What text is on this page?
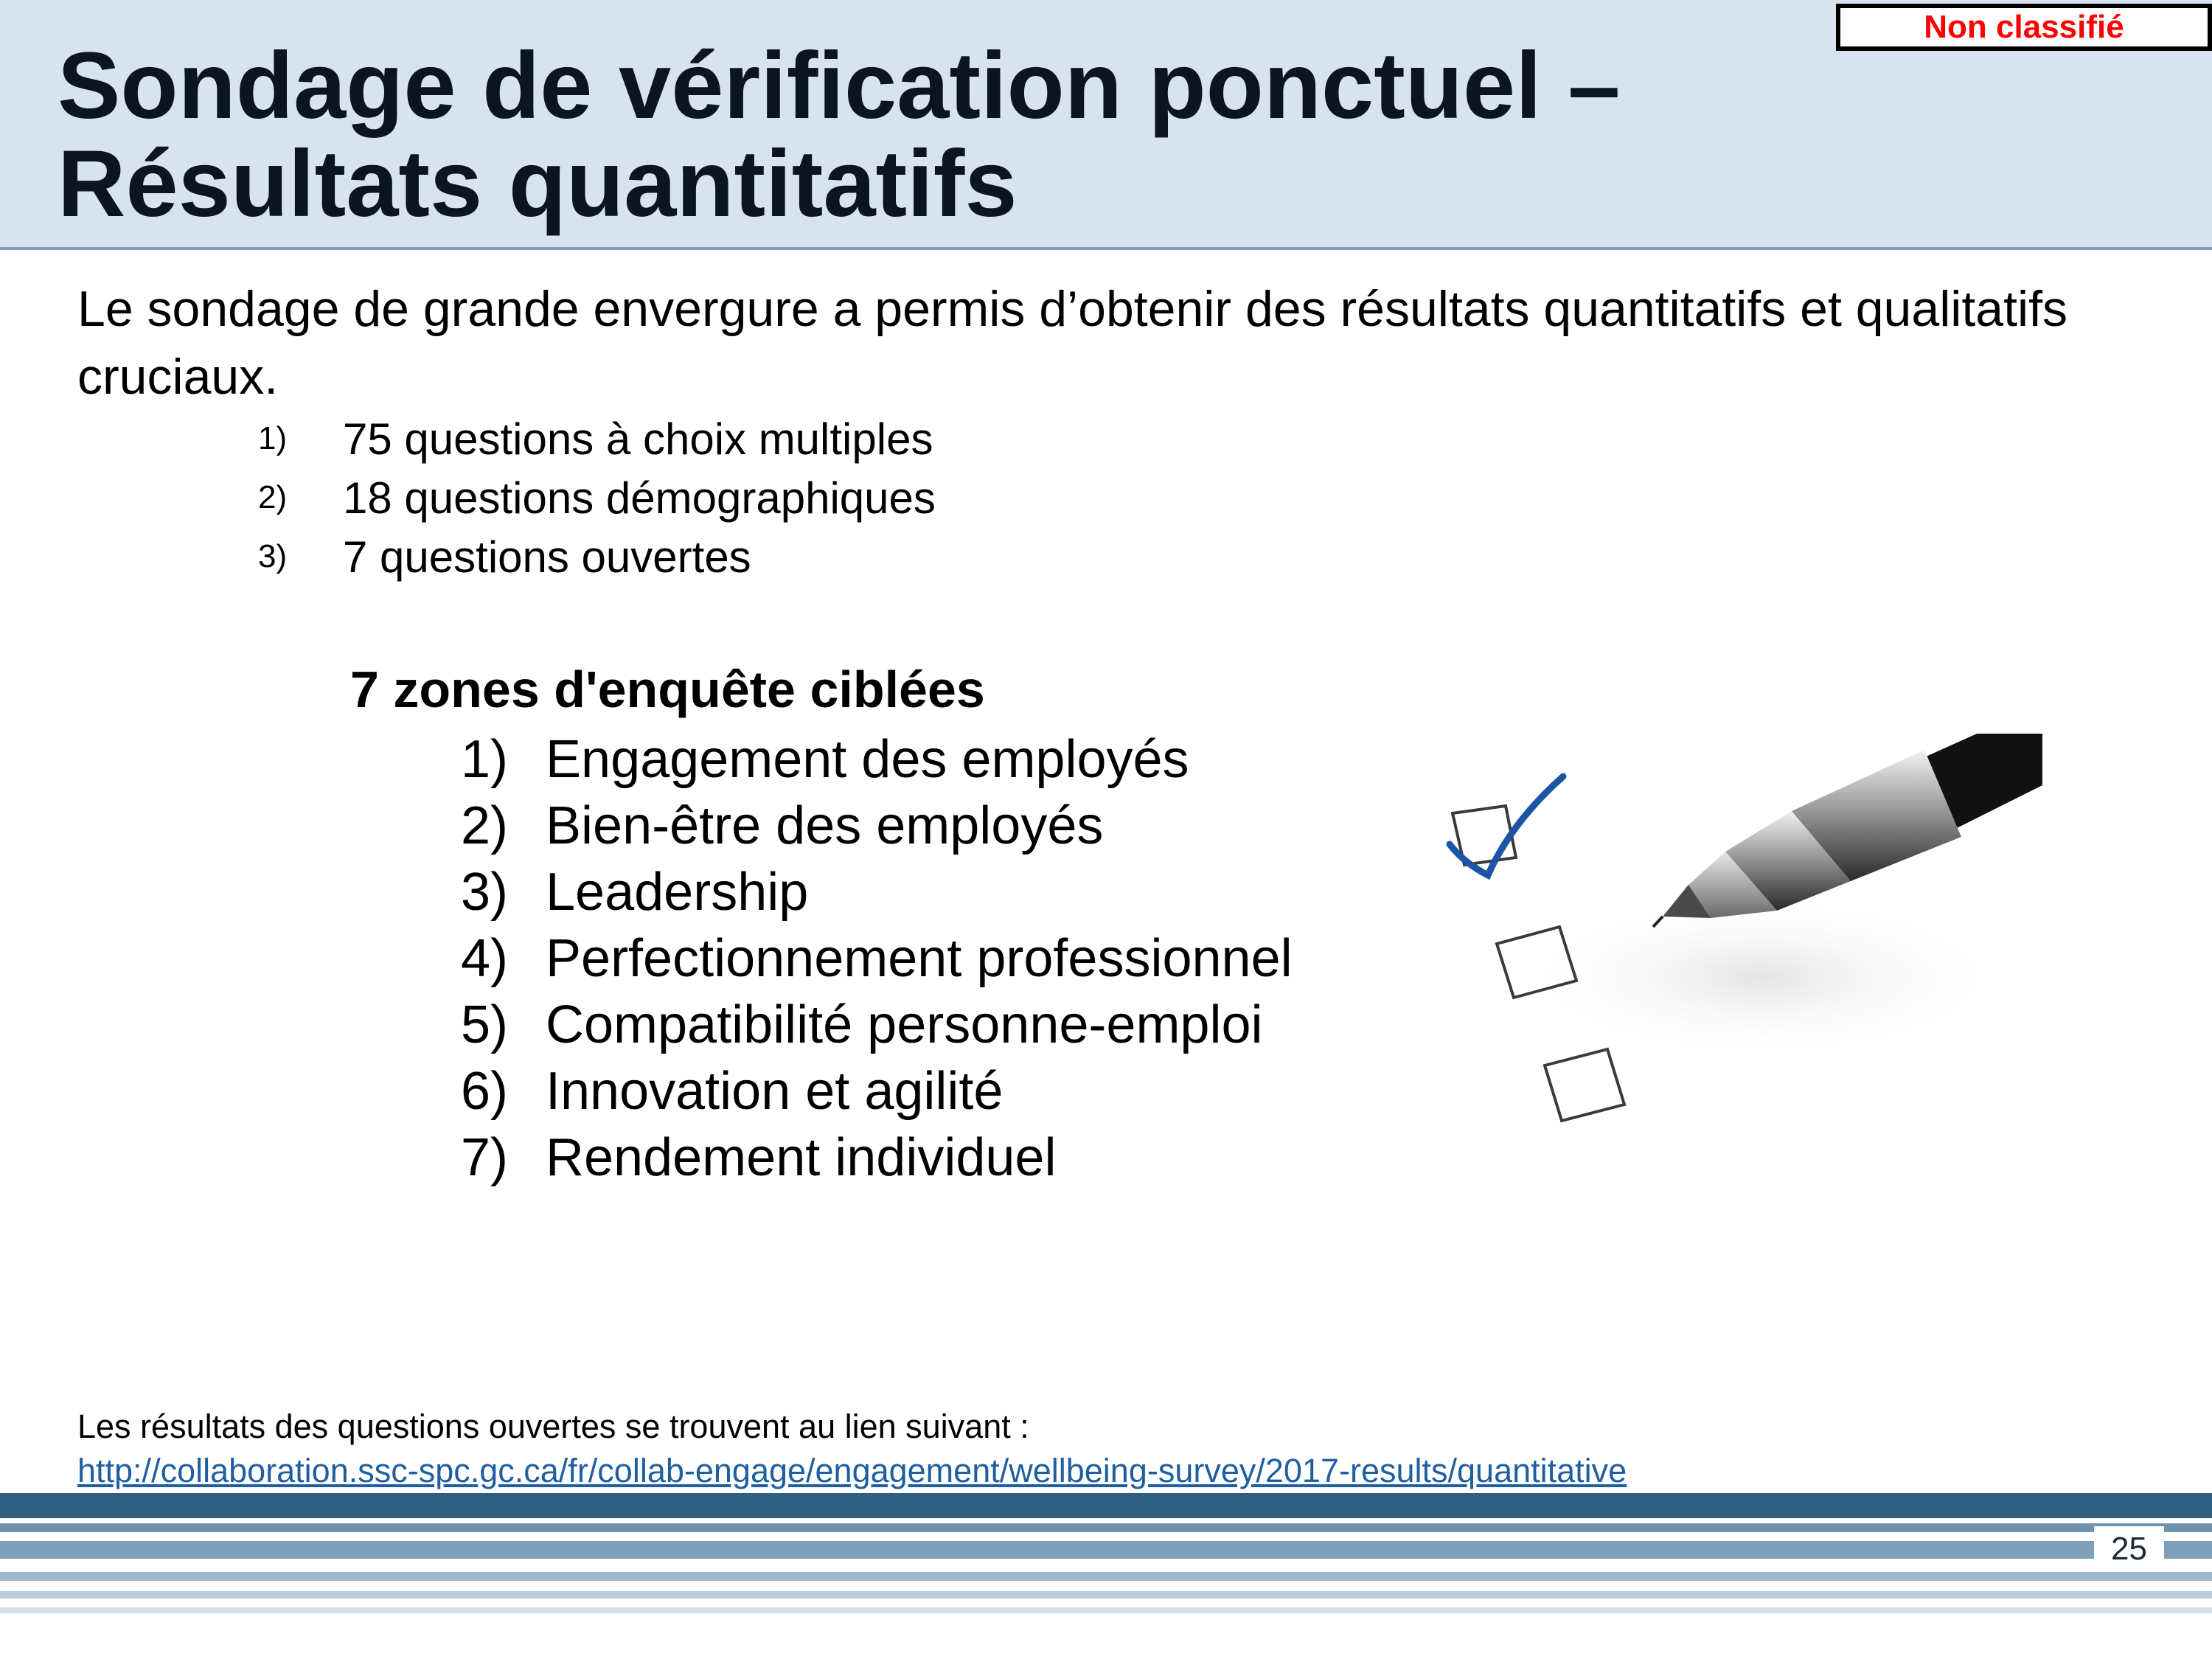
Non classifié
Sondage de vérification ponctuel – Résultats quantitatifs

Le sondage de grande envergure a permis d’obtenir des résultats quantitatifs et qualitatifs cruciaux.

1)	75 questions à choix multiples
2)	18 questions démographiques
3)	7 questions ouvertes
7 zones d'enquête ciblées
1) Engagement des employés
2) Bien-être des employés
3) Leadership
4) Perfectionnement professionnel
5) Compatibilité personne-emploi
6) Innovation et agilité
7) Rendement individuel

Les résultats des questions ouvertes se trouvent au lien suivant :
http://collaboration.ssc-spc.gc.ca/fr/collab-engage/engagement/wellbeing-survey/2017-results/quantitative

25
